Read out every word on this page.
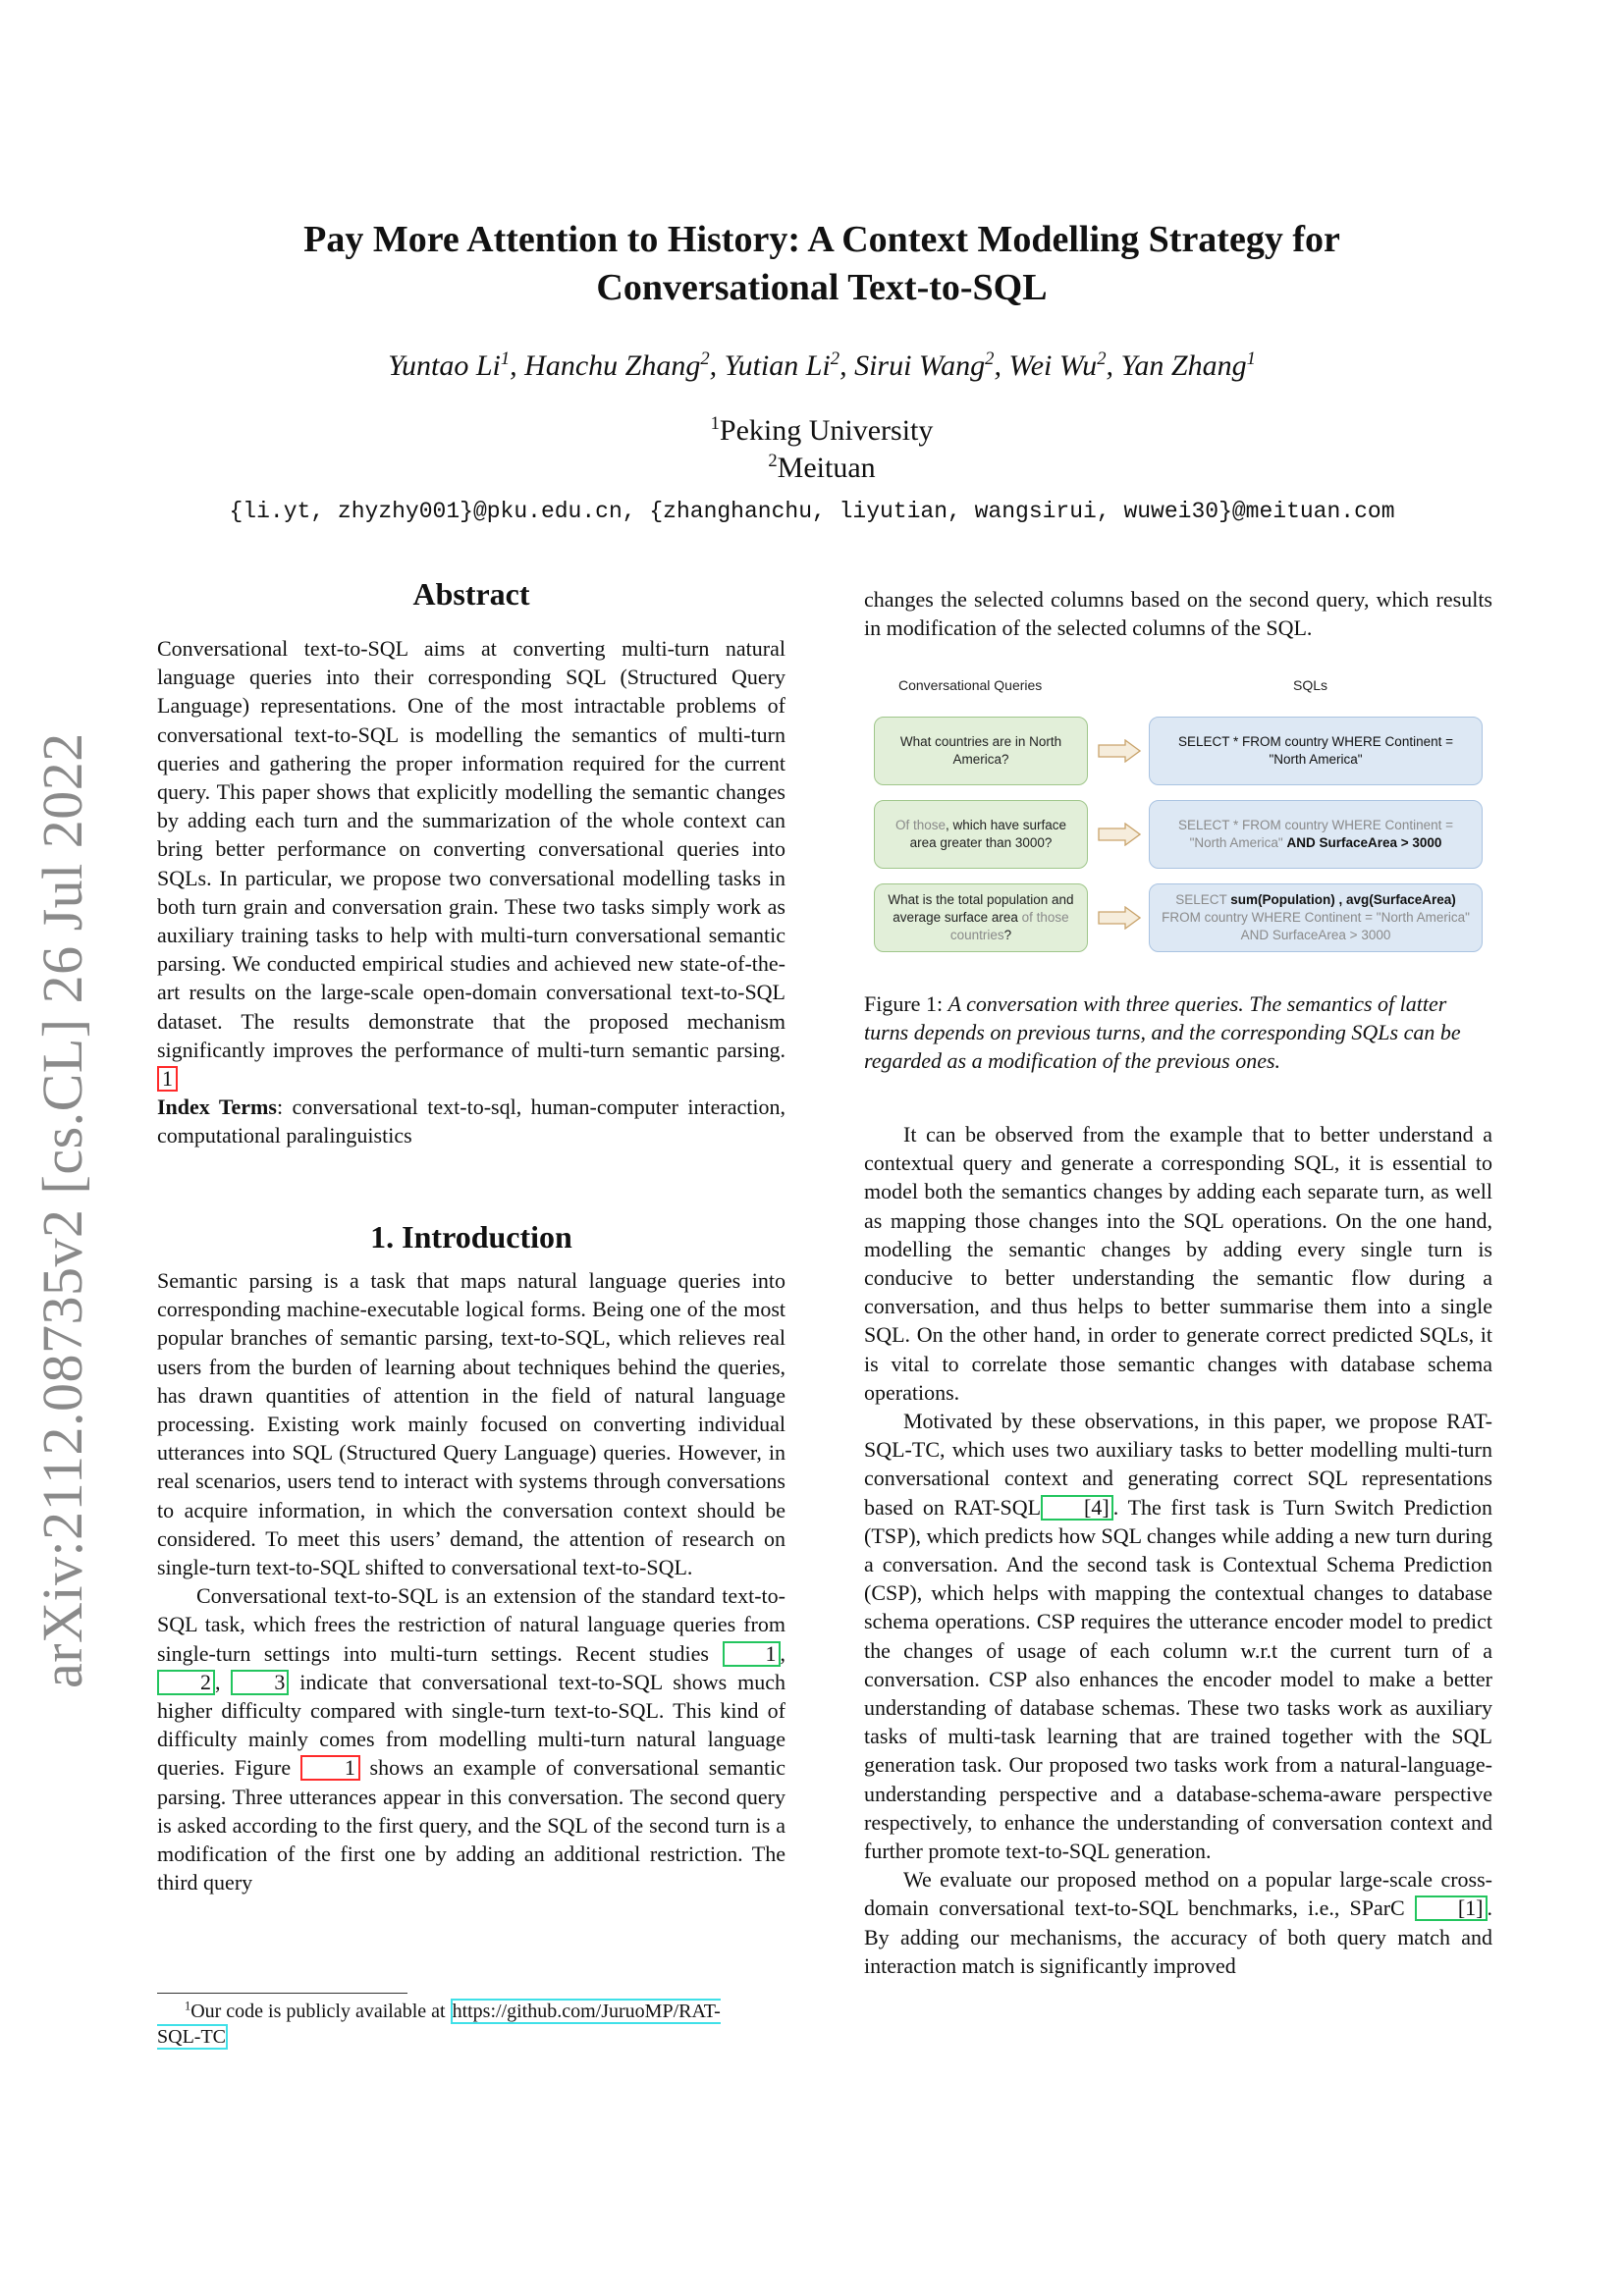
arXiv:2112.08735v2 [cs.CL] 26 Jul 2022
Pay More Attention to History: A Context Modelling Strategy for
Conversational Text-to-SQL
Yuntao Li$^1$, Hanchu Zhang$^2$, Yutian Li$^2$, Sirui Wang$^2$, Wei Wu$^2$, Yan Zhang$^1$
$^1$Peking University
$^2$Meituan
{li.yt, zhyzhy001}@pku.edu.cn, {zhanghanchu, liyutian, wangsirui, wuwei30}@meituan.com
Abstract

Conversational text-to-SQL aims at converting multi-turn natural language queries into their corresponding SQL (Structured Query Language) representations. One of the most intractable problems of conversational text-to-SQL is modelling the semantics of multi-turn queries and gathering the proper information required for the current query. This paper shows that explicitly modelling the semantic changes by adding each turn and the summarization of the whole context can bring better performance on converting conversational queries into SQLs. In particular, we propose two conversational modelling tasks in both turn grain and conversation grain. These two tasks simply work as auxiliary training tasks to help with multi-turn conversational semantic parsing. We conducted empirical studies and achieved new state-of-the-art results on the large-scale open-domain conversational text-to-SQL dataset. The results demonstrate that the proposed mechanism significantly improves the performance of multi-turn semantic parsing. 1

Index Terms: conversational text-to-sql, human-computer interaction, computational paralinguistics

1. Introduction

Semantic parsing is a task that maps natural language queries into corresponding machine-executable logical forms. Being one of the most popular branches of semantic parsing, text-to-SQL, which relieves real users from the burden of learning about techniques behind the queries, has drawn quantities of attention in the field of natural language processing. Existing work mainly focused on converting individual utterances into SQL (Structured Query Language) queries. However, in real scenarios, users tend to interact with systems through conversations to acquire information, in which the conversation context should be considered. To meet this users’ demand, the attention of research on single-turn text-to-SQL shifted to conversational text-to-SQL.

Conversational text-to-SQL is an extension of the standard text-to-SQL task, which frees the restriction of natural language queries from single-turn settings into multi-turn settings. Recent studies 1 , 2 , 3 indicate that conversational text-to-SQL shows much higher difficulty compared with single-turn text-to-SQL. This kind of difficulty mainly comes from modelling multi-turn natural language queries. Figure 1 shows an example of conversational semantic parsing. Three utterances appear in this conversation. The second query is asked according to the first query, and the SQL of the second turn is a modification of the first one by adding an additional restriction. The third query

$^1$Our code is publicly available at https://github.com/JuruoMP/RAT-
SQL-TC
changes the selected columns based on the second query, which results in modification of the selected columns of the SQL.
Conversational Queries	SQLs
What countries are in North America?
SELECT * FROM country WHERE Continent = "North America"
Of those, which have surface area greater than 3000?
SELECT * FROM country WHERE Continent = "North America" AND SurfaceArea > 3000
What is the total population and average surface area of those countries?
SELECT sum(Population) , avg(SurfaceArea)
FROM country WHERE Continent = "North America" AND SurfaceArea > 3000
Figure 1: A conversation with three queries. The semantics of latter turns depends on previous turns, and the corresponding SQLs can be regarded as a modification of the previous ones.

It can be observed from the example that to better understand a contextual query and generate a corresponding SQL, it is essential to model both the semantics changes by adding each separate turn, as well as mapping those changes into the SQL operations. On the one hand, modelling the semantic changes by adding every single turn is conducive to better understanding the semantic flow during a conversation, and thus helps to better summarise them into a single SQL. On the other hand, in order to generate correct predicted SQLs, it is vital to correlate those semantic changes with database schema operations.

Motivated by these observations, in this paper, we propose RAT-SQL-TC, which uses two auxiliary tasks to better modelling multi-turn conversational context and generating correct SQL representations based on RAT-SQL [4] . The first task is Turn Switch Prediction (TSP), which predicts how SQL changes while adding a new turn during a conversation. And the second task is Contextual Schema Prediction (CSP), which helps with mapping the contextual changes to database schema operations. CSP requires the utterance encoder model to predict the changes of usage of each column w.r.t the current turn of a conversation. CSP also enhances the encoder model to make a better understanding of database schemas. These two tasks work as auxiliary tasks of multi-task learning that are trained together with the SQL generation task. Our proposed two tasks work from a natural-language-understanding perspective and a database-schema-aware perspective respectively, to enhance the understanding of conversation context and further promote text-to-SQL generation.

We evaluate our proposed method on a popular large-scale cross-domain conversational text-to-SQL benchmarks, i.e., SParC [1] . By adding our mechanisms, the accuracy of both query match and interaction match is significantly improved
